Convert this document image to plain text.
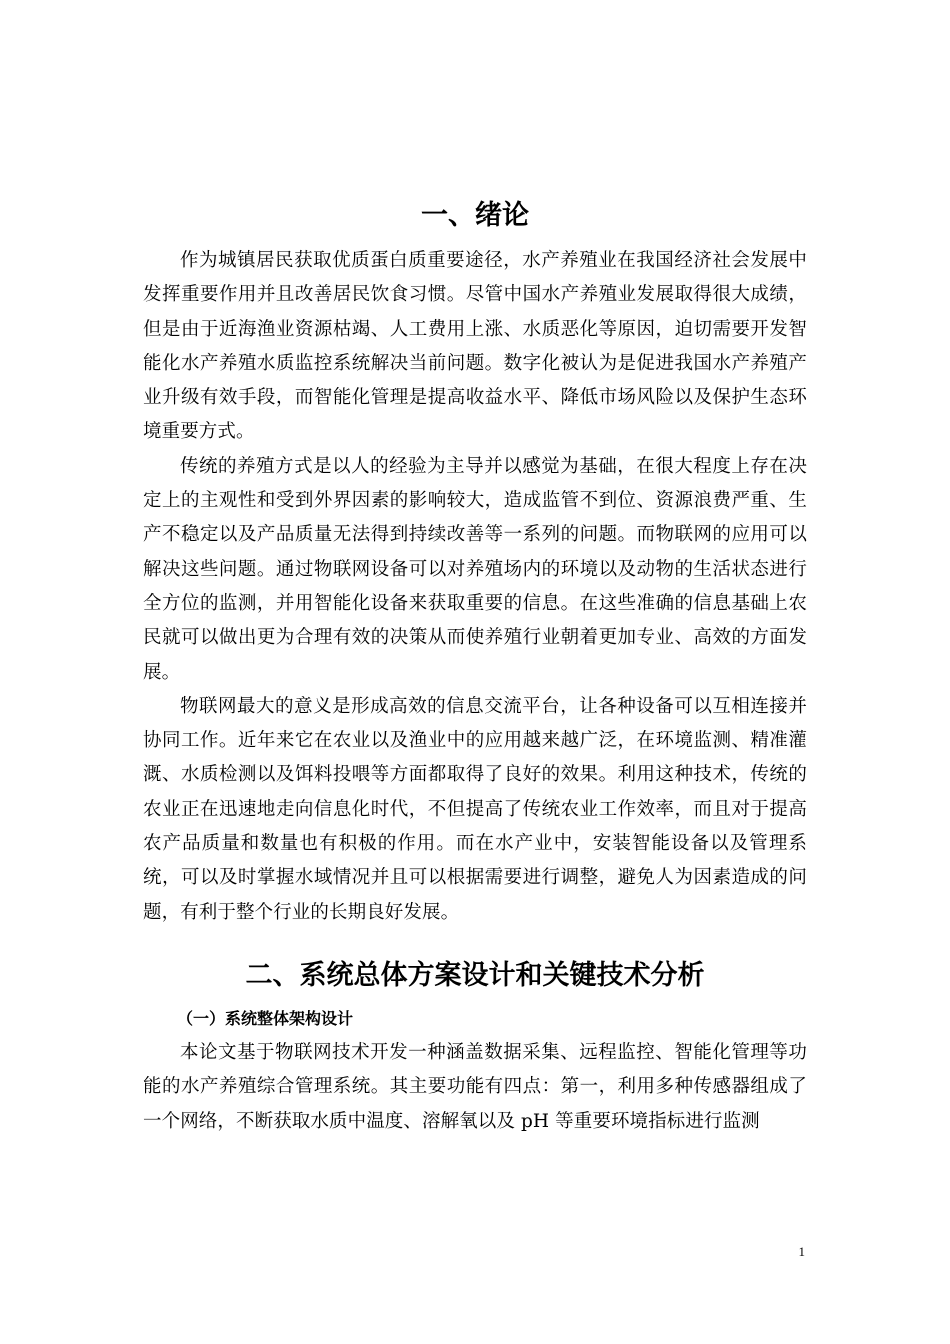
一、绪论

作为城镇居民获取优质蛋白质重要途径，水产养殖业在我国经济社会发展中发挥重要作用并且改善居民饮食习惯。尽管中国水产养殖业发展取得很大成绩，但是由于近海渔业资源枯竭、人工费用上涨、水质恶化等原因，迫切需要开发智能化水产养殖水质监控系统解决当前问题。数字化被认为是促进我国水产养殖产业升级有效手段，而智能化管理是提高收益水平、降低市场风险以及保护生态环境重要方式。

传统的养殖方式是以人的经验为主导并以感觉为基础，在很大程度上存在决定上的主观性和受到外界因素的影响较大，造成监管不到位、资源浪费严重、生产不稳定以及产品质量无法得到持续改善等一系列的问题。而物联网的应用可以解决这些问题。通过物联网设备可以对养殖场内的环境以及动物的生活状态进行全方位的监测，并用智能化设备来获取重要的信息。在这些准确的信息基础上农民就可以做出更为合理有效的决策从而使养殖行业朝着更加专业、高效的方面发展。

物联网最大的意义是形成高效的信息交流平台，让各种设备可以互相连接并协同工作。近年来它在农业以及渔业中的应用越来越广泛，在环境监测、精准灌溉、水质检测以及饵料投喂等方面都取得了良好的效果。利用这种技术，传统的农业正在迅速地走向信息化时代，不但提高了传统农业工作效率，而且对于提高农产品质量和数量也有积极的作用。而在水产业中，安装智能设备以及管理系统，可以及时掌握水域情况并且可以根据需要进行调整，避免人为因素造成的问题，有利于整个行业的长期良好发展。

二、系统总体方案设计和关键技术分析
（一）系统整体架构设计

本论文基于物联网技术开发一种涵盖数据采集、远程监控、智能化管理等功能的水产养殖综合管理系统。其主要功能有四点：第一，利用多种传感器组成了一个网络，不断获取水质中温度、溶解氧以及 pH 等重要环境指标进行监测

1
